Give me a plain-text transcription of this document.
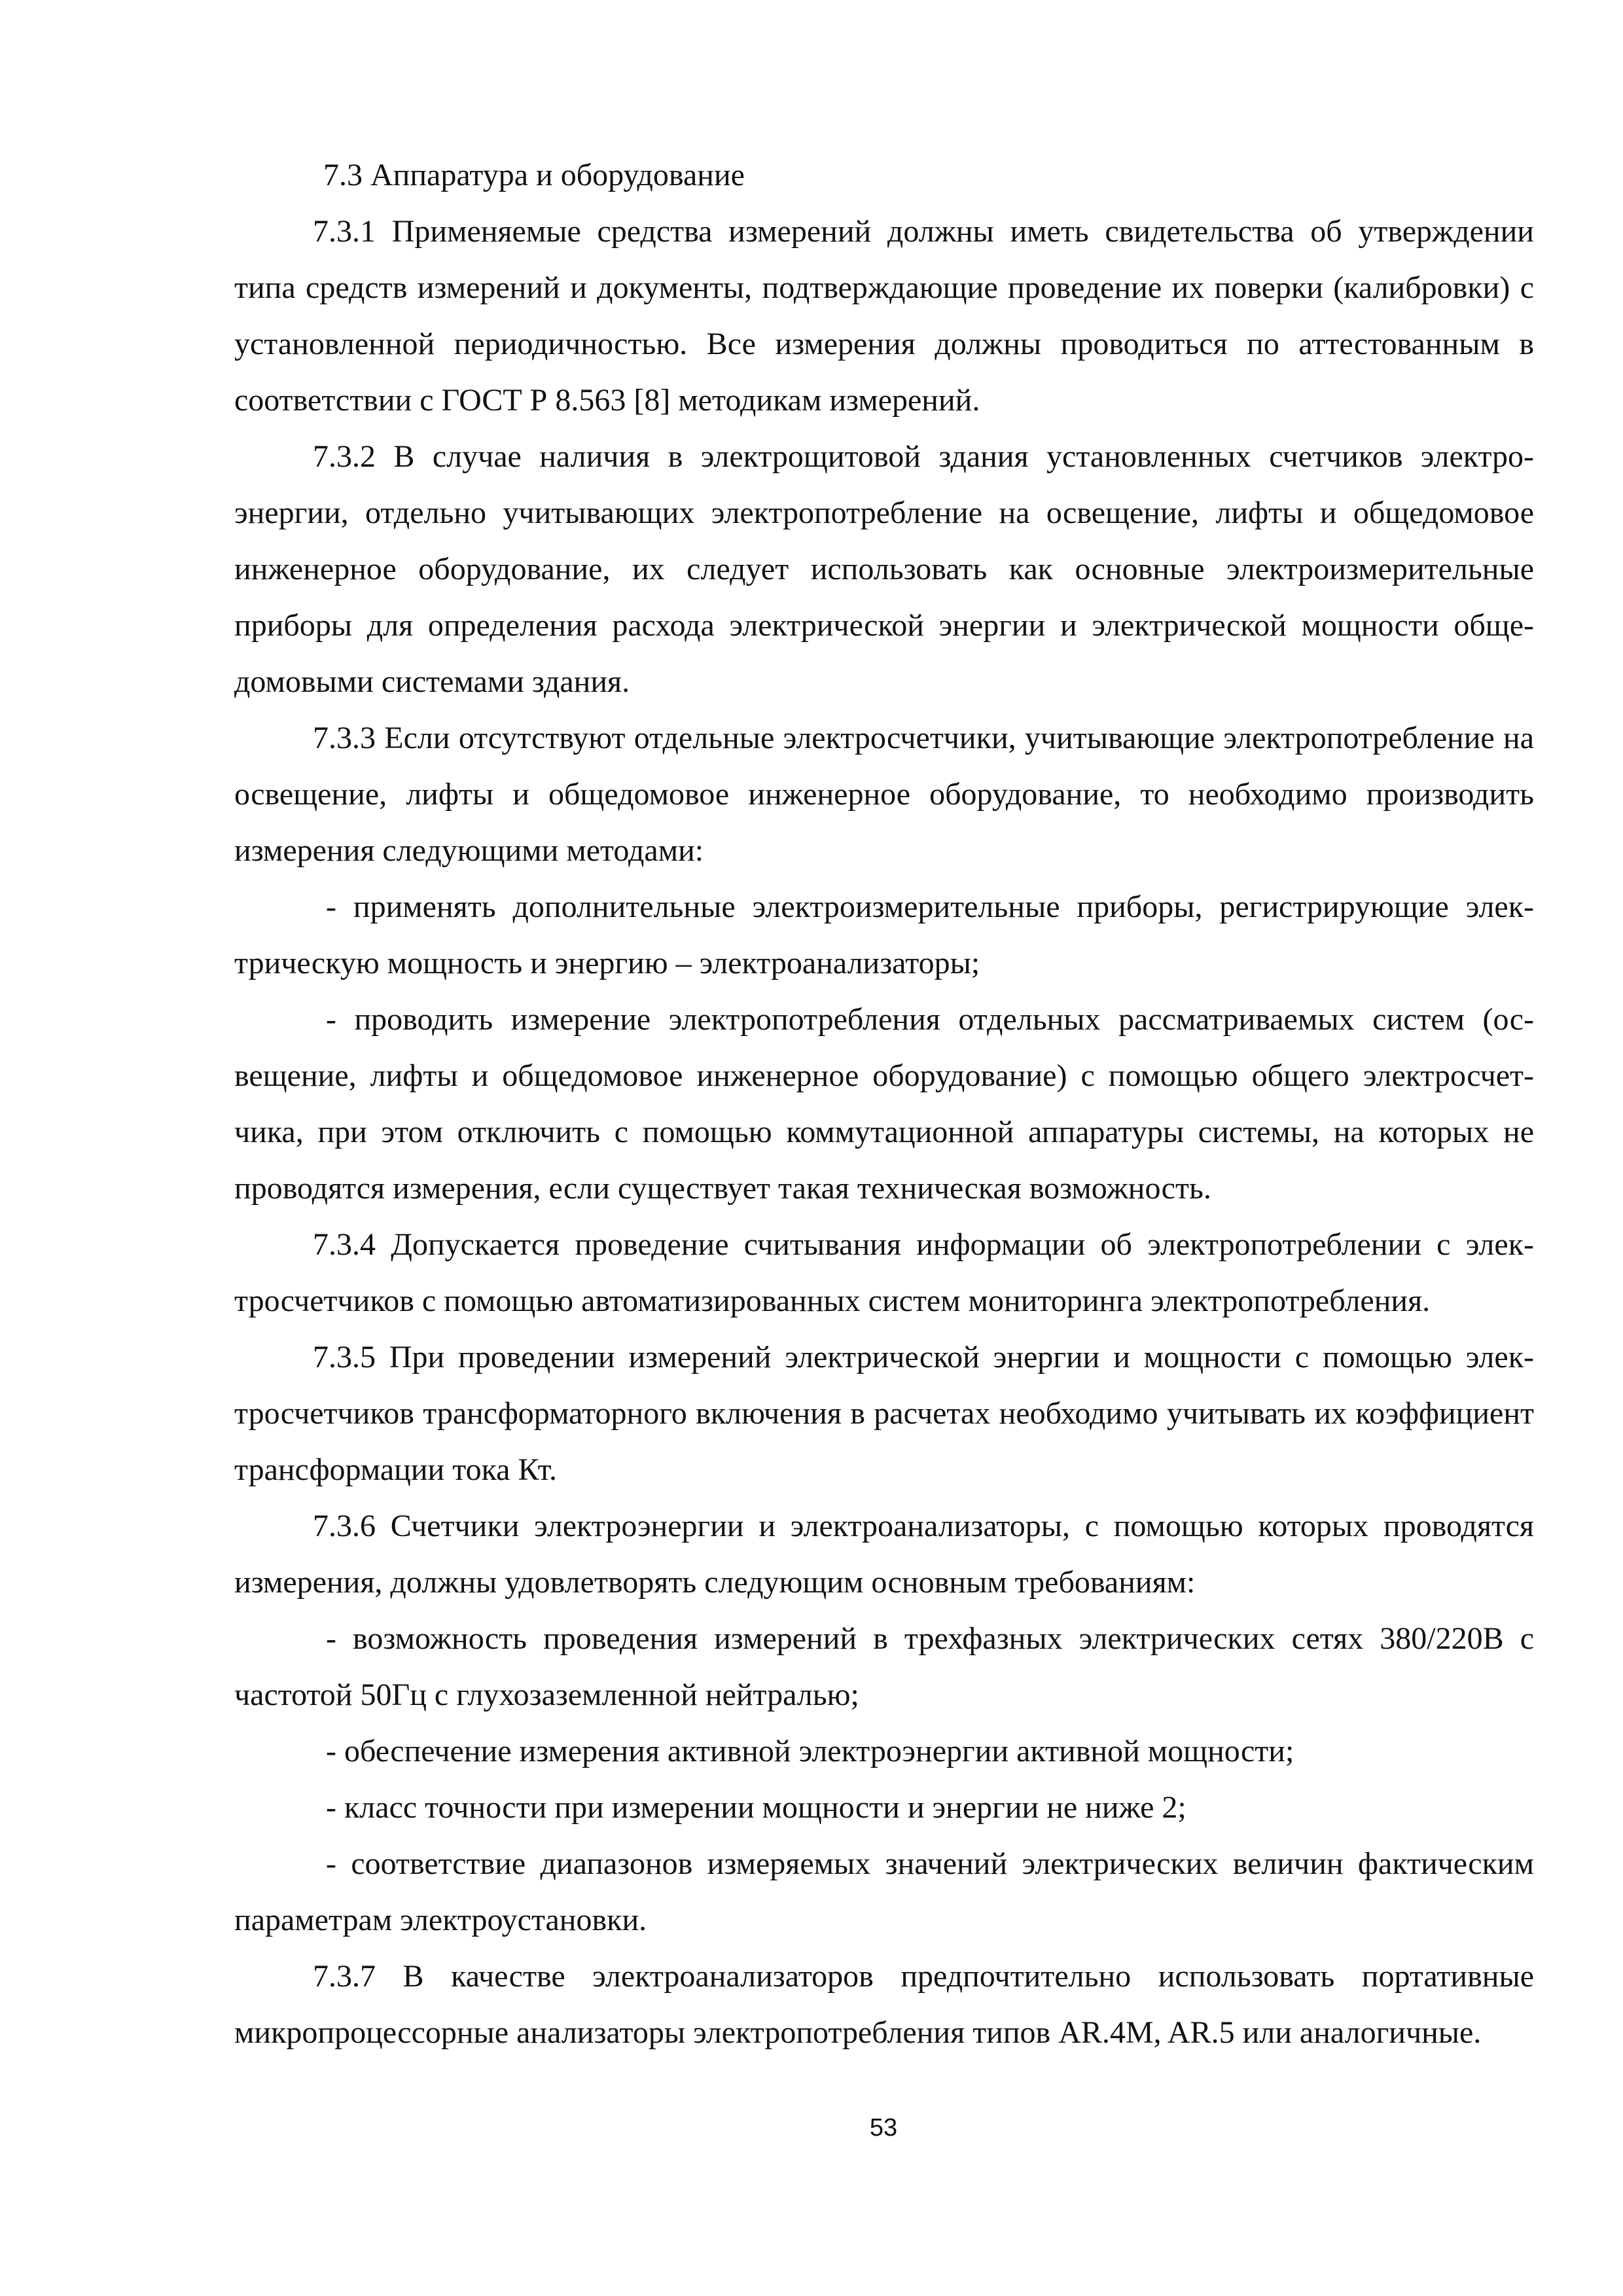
7.3 Аппаратура и оборудование

7.3.1 Применяемые средства измерений должны иметь свидетельства об утверждении типа средств измерений и документы, подтверждающие проведение их поверки (калибровки) с установленной периодичностью. Все измерения должны проводиться по аттестованным в соответствии с ГОСТ Р 8.563 [8] методикам измерений.

7.3.2 В случае наличия в электрощитовой здания установленных счетчиков электроэнергии, отдельно учитывающих электропотребление на освещение, лифты и общедомовое инженерное оборудование, их следует использовать как основные электроизмерительные приборы для определения расхода электрической энергии и электрической мощности общедомовыми системами здания.

7.3.3 Если отсутствуют отдельные электросчетчики, учитывающие электропотребление на освещение, лифты и общедомовое инженерное оборудование, то необходимо производить измерения следующими методами:

- применять дополнительные электроизмерительные приборы, регистрирующие электрическую мощность и энергию – электроанализаторы;

- проводить измерение электропотребления отдельных рассматриваемых систем (освещение, лифты и общедомовое инженерное оборудование) с помощью общего электросчетчика, при этом отключить с помощью коммутационной аппаратуры системы, на которых не проводятся измерения, если существует такая техническая возможность.

7.3.4 Допускается проведение считывания информации об электропотреблении с электросчетчиков с помощью автоматизированных систем мониторинга электропотребления.

7.3.5 При проведении измерений электрической энергии и мощности с помощью электросчетчиков трансформаторного включения в расчетах необходимо учитывать их коэффициент трансформации тока Кт.

7.3.6 Счетчики электроэнергии и электроанализаторы, с помощью которых проводятся измерения, должны удовлетворять следующим основным требованиям:

- возможность проведения измерений в трехфазных электрических сетях 380/220В с частотой 50Гц с глухозаземленной нейтралью;

- обеспечение измерения активной электроэнергии активной мощности;

- класс точности при измерении мощности и энергии не ниже 2;

- соответствие диапазонов измеряемых значений электрических величин фактическим параметрам электроустановки.

7.3.7 В качестве электроанализаторов предпочтительно использовать портативные микропроцессорные анализаторы электропотребления типов AR.4M, AR.5 или аналогичные.

53
